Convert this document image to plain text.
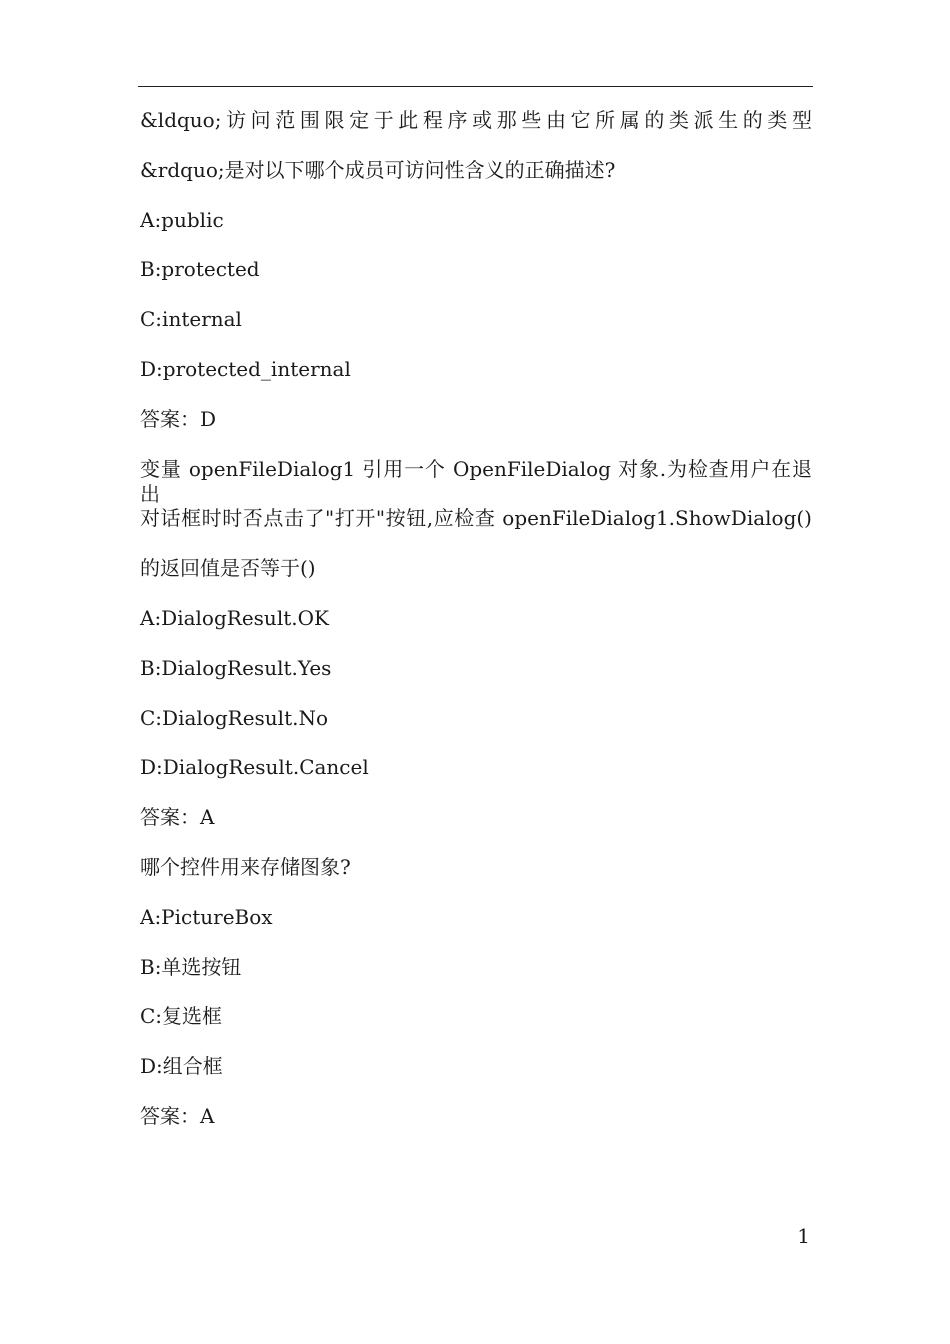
&ldquo;访问范围限定于此程序或那些由它所属的类派生的类型
&rdquo;是对以下哪个成员可访问性含义的正确描述?
A:public
B:protected
C:internal
D:protected_internal
答案：D
变量 openFileDialog1 引用一个 OpenFileDialog 对象.为检查用户在退出
对话框时时否点击了"打开"按钮,应检查 openFileDialog1.ShowDialog()
的返回值是否等于()
A:DialogResult.OK
B:DialogResult.Yes
C:DialogResult.No
D:DialogResult.Cancel
答案：A
哪个控件用来存储图象?
A:PictureBox
B:单选按钮
C:复选框
D:组合框
答案：A
1
